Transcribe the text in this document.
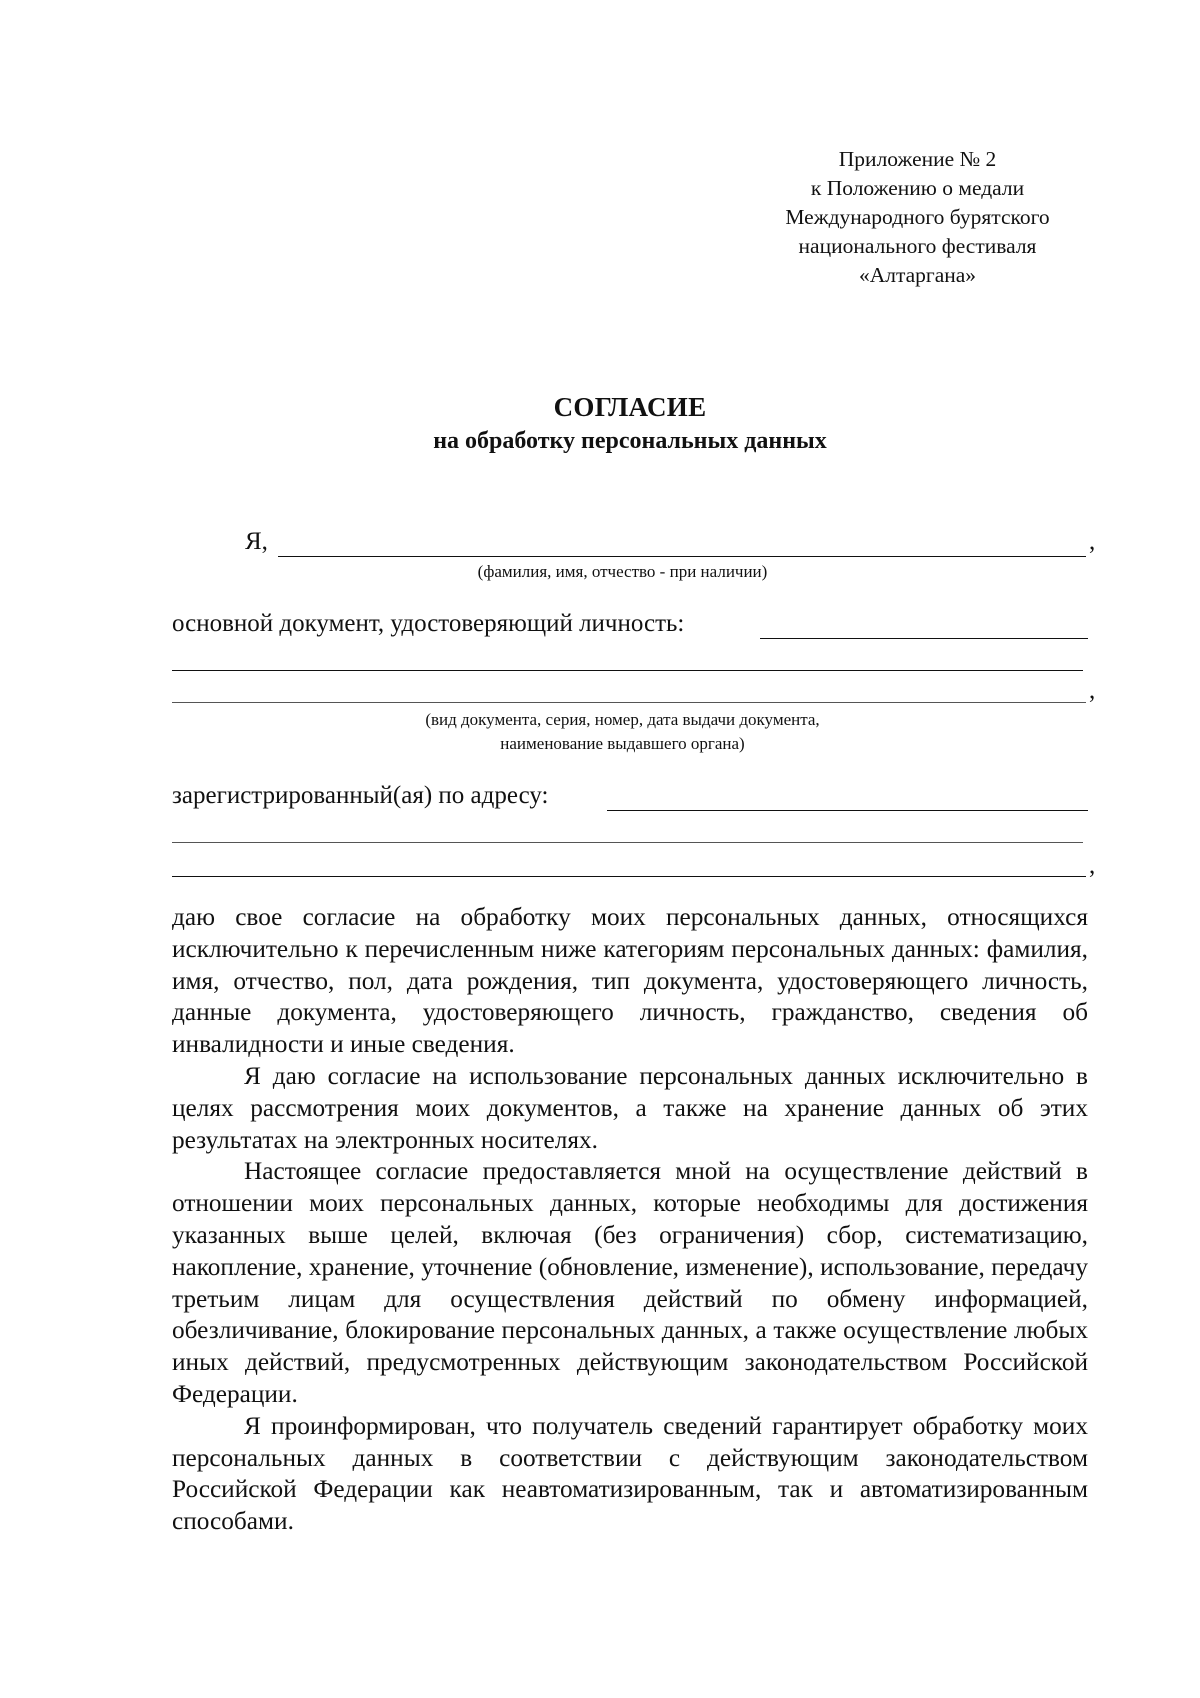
Приложение № 2
к Положению о медали
Международного бурятского
национального фестиваля
«Алтаргана»
СОГЛАСИЕ
на обработку персональных данных
Я,	,
(фамилия, имя, отчество - при наличии)
основной документ, удостоверяющий личность:
,
(вид документа, серия, номер, дата выдачи документа,
наименование выдавшего органа)
зарегистрированный(ая) по адресу:
,

даю свое согласие на обработку моих персональных данных, относящихся исключительно к перечисленным ниже категориям персональных данных: фамилия, имя, отчество, пол, дата рождения, тип документа, удостоверяющего личность, данные документа, удостоверяющего личность, гражданство, сведения об инвалидности и иные сведения.

Я даю согласие на использование персональных данных исключительно в целях рассмотрения моих документов, а также на хранение данных об этих результатах на электронных носителях.

Настоящее согласие предоставляется мной на осуществление действий в отношении моих персональных данных, которые необходимы для достижения указанных выше целей, включая (без ограничения) сбор, систематизацию, накопление, хранение, уточнение (обновление, изменение), использование, передачу третьим лицам для осуществления действий по обмену информацией, обезличивание, блокирование персональных данных, а также осуществление любых иных действий, предусмотренных действующим законодательством Российской Федерации.

Я проинформирован, что получатель сведений гарантирует обработку моих персональных данных в соответствии с действующим законодательством Российской Федерации как неавтоматизированным, так и автоматизированным способами.
